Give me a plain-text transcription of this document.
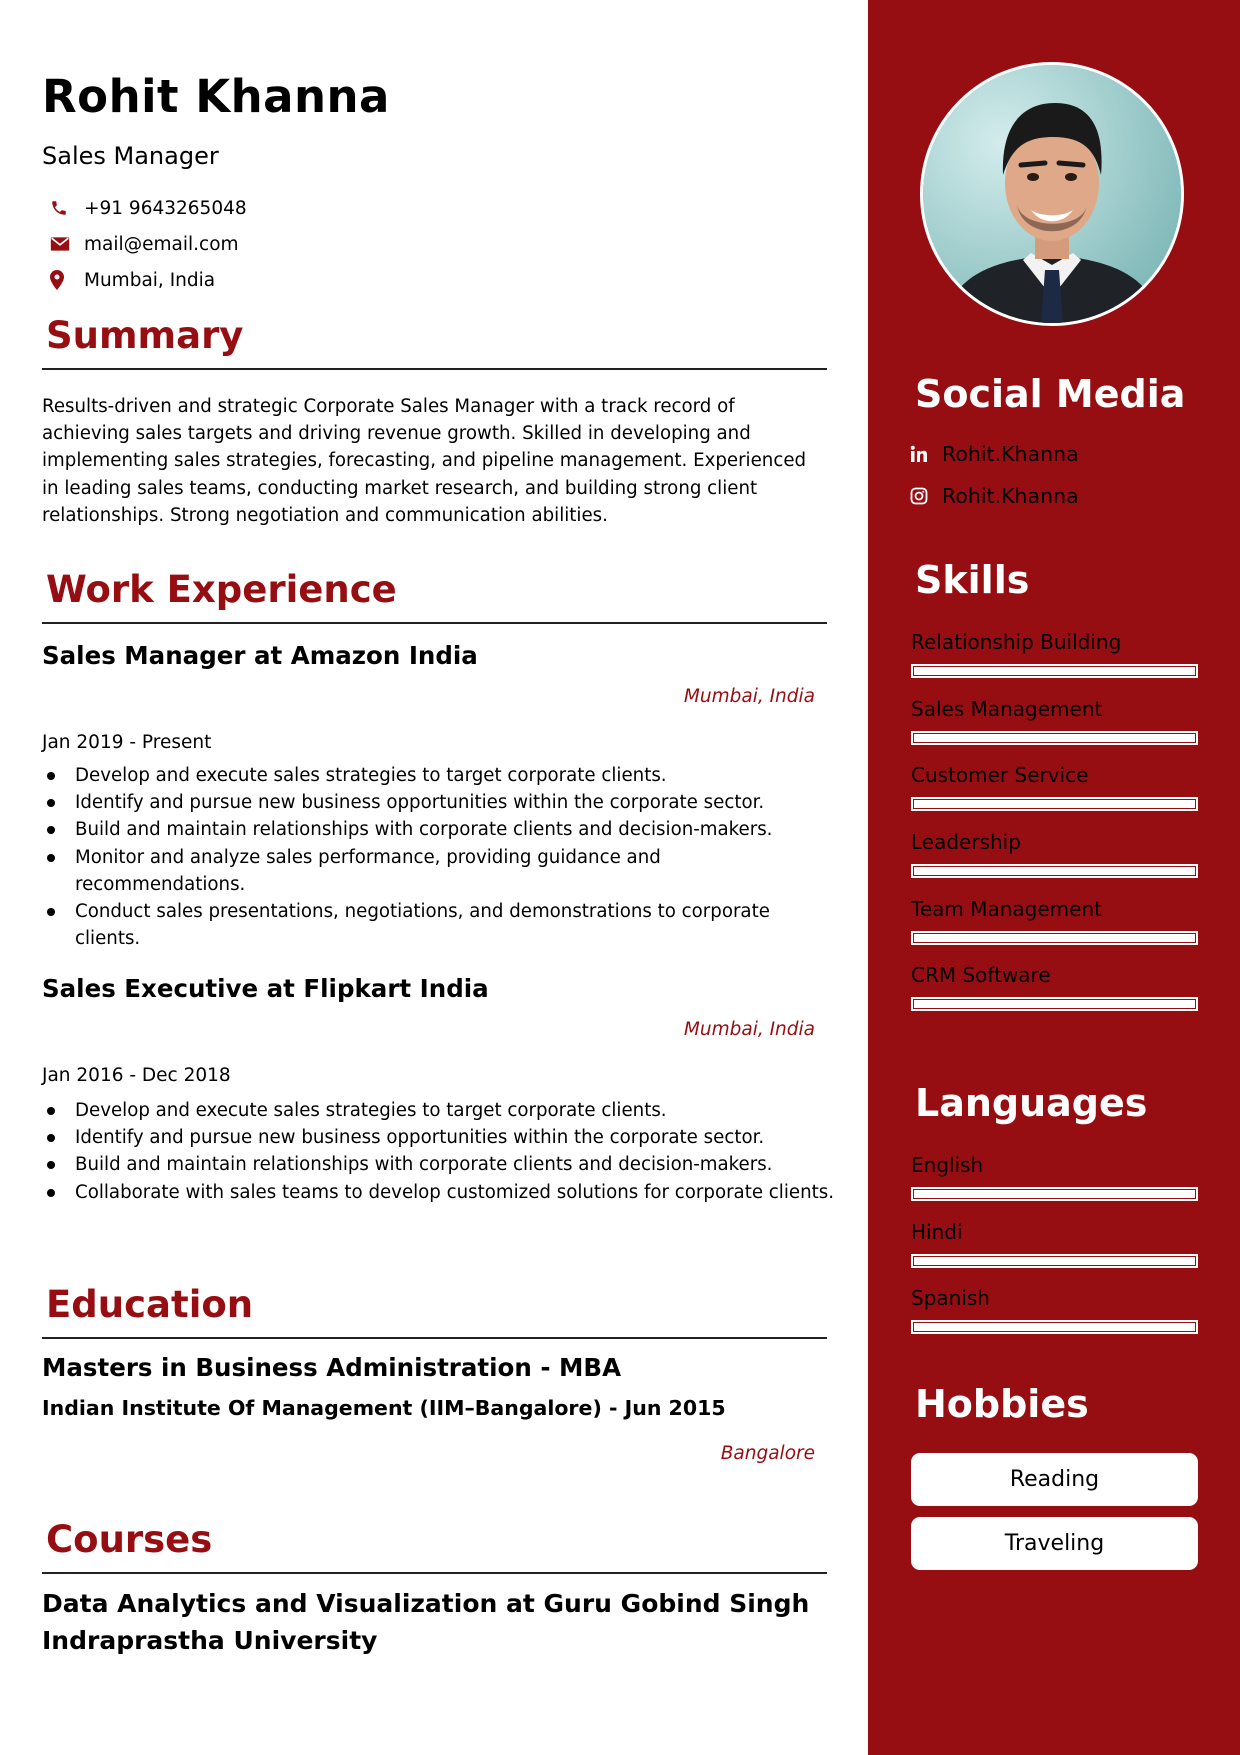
Rohit Khanna
Sales Manager
+91 9643265048
mail@email.com
Mumbai, India
Summary
Results-driven and strategic Corporate Sales Manager with a track record of achieving sales targets and driving revenue growth. Skilled in developing and implementing sales strategies, forecasting, and pipeline management. Experienced in leading sales teams, conducting market research, and building strong client relationships. Strong negotiation and communication abilities.
Work Experience
Sales Manager at Amazon India
Mumbai, India
Jan 2019 - Present
Develop and execute sales strategies to target corporate clients.
Identify and pursue new business opportunities within the corporate sector.
Build and maintain relationships with corporate clients and decision-makers.
Monitor and analyze sales performance, providing guidance and recommendations.
Conduct sales presentations, negotiations, and demonstrations to corporate clients.
Sales Executive at Flipkart India
Mumbai, India
Jan 2016 - Dec 2018
Develop and execute sales strategies to target corporate clients.
Identify and pursue new business opportunities within the corporate sector.
Build and maintain relationships with corporate clients and decision-makers.
Collaborate with sales teams to develop customized solutions for corporate clients.
Education
Masters in Business Administration - MBA
Indian Institute Of Management (IIM–Bangalore) - Jun 2015
Bangalore
Courses
Data Analytics and Visualization at Guru Gobind Singh Indraprastha University
Social Media
Rohit.Khanna
Rohit.Khanna
Skills
Relationship Building
Sales Management
Customer Service
Leadership
Team Management
CRM Software
Languages
English
Hindi
Spanish
Hobbies
Reading
Traveling
